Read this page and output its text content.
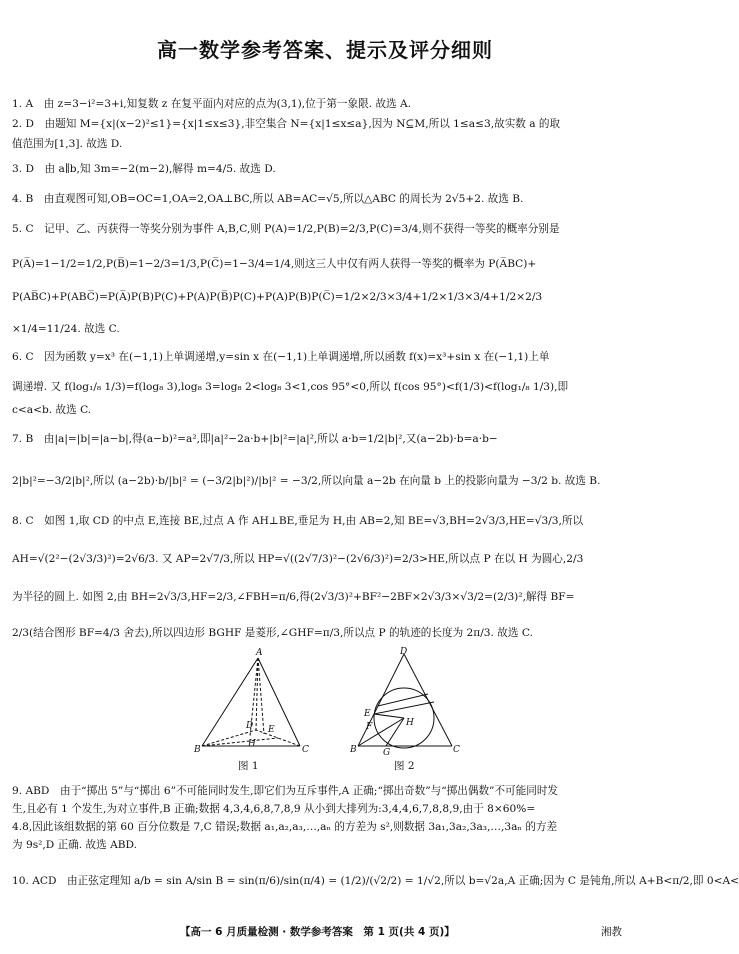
高一数学参考答案、提示及评分细则
1. A　由 z=3−i²=3+i,知复数 z 在复平面内对应的点为(3,1),位于第一象限. 故选 A.
2. D　由题知 M={x|(x−2)²≤1}={x|1≤x≤3},非空集合 N={x|1≤x≤a},因为 N⊆M,所以 1≤a≤3,故实数 a 的取
值范围为[1,3]. 故选 D.
3. D　由 a∥b,知 3m=−2(m−2),解得 m=4/5. 故选 D.
4. B　由直观图可知,OB=OC=1,OA=2,OA⊥BC,所以 AB=AC=√5,所以△ABC 的周长为 2√5+2. 故选 B.
5. C　记甲、乙、丙获得一等奖分别为事件 A,B,C,则 P(A)=1/2,P(B)=2/3,P(C)=3/4,则不获得一等奖的概率分别是
P(A̅)=1−1/2=1/2,P(B̅)=1−2/3=1/3,P(C̅)=1−3/4=1/4,则这三人中仅有两人获得一等奖的概率为 P(A̅BC)+
P(AB̅C)+P(ABC̅)=P(A̅)P(B)P(C)+P(A)P(B̅)P(C)+P(A)P(B)P(C̅)=1/2×2/3×3/4+1/2×1/3×3/4+1/2×2/3
×1/4=11/24. 故选 C.
6. C　因为函数 y=x³ 在(−1,1)上单调递增,y=sin x 在(−1,1)上单调递增,所以函数 f(x)=x³+sin x 在(−1,1)上单
调递增. 又 f(log₁/₈ 1/3)=f(log₈ 3),log₈ 3=log₈ 2<log₈ 3<1,cos 95°<0,所以 f(cos 95°)<f(1/3)<f(log₁/₈ 1/3),即
c<a<b. 故选 C.
7. B　由|a|=|b|=|a−b|,得(a−b)²=a²,即|a|²−2a·b+|b|²=|a|²,所以 a·b=1/2|b|²,又(a−2b)·b=a·b−
2|b|²=−3/2|b|²,所以 (a−2b)·b/|b|² = (−3/2|b|²)/|b|² = −3/2,所以向量 a−2b 在向量 b 上的投影向量为 −3/2 b. 故选 B.
8. C　如图 1,取 CD 的中点 E,连接 BE,过点 A 作 AH⊥BE,垂足为 H,由 AB=2,知 BE=√3,BH=2√3/3,HE=√3/3,所以
AH=√(2²−(2√3/3)²)=2√6/3. 又 AP=2√7/3,所以 HP=√((2√7/3)²−(2√6/3)²)=2/3>HE,所以点 P 在以 H 为圆心,2/3
为半径的圆上. 如图 2,由 BH=2√3/3,HF=2/3,∠FBH=π/6,得(2√3/3)²+BF²−2BF×2√3/3×√3/2=(2/3)²,解得 BF=
2/3(结合图形 BF=4/3 舍去),所以四边形 BGHF 是菱形,∠GHF=π/3,所以点 P 的轨迹的长度为 2π/3. 故选 C.
A
B	C
D E
H
图 1
D
E
F	H
B	G	C
图 2
9. ABD　由于“掷出 5”与“掷出 6”不可能同时发生,即它们为互斥事件,A 正确;“掷出奇数”与“掷出偶数”不可能同时发
生,且必有 1 个发生,为对立事件,B 正确;数据 4,3,4,6,8,7,8,9 从小到大排列为:3,4,4,6,7,8,8,9,由于 8×60%=
4.8,因此该组数据的第 60 百分位数是 7,C 错误;数据 a₁,a₂,a₃,…,aₙ 的方差为 s²,则数据 3a₁,3a₂,3a₃,…,3aₙ 的方差
为 9s²,D 正确. 故选 ABD.
10. ACD　由正弦定理知 a/b = sin A/sin B = sin(π/6)/sin(π/4) = (1/2)/(√2/2) = 1/√2,所以 b=√2a,A 正确;因为 C 是钝角,所以 A+B<π/2,即 0<A<
【高一 6 月质量检测 · 数学参考答案　第 1 页(共 4 页)】	湘教
